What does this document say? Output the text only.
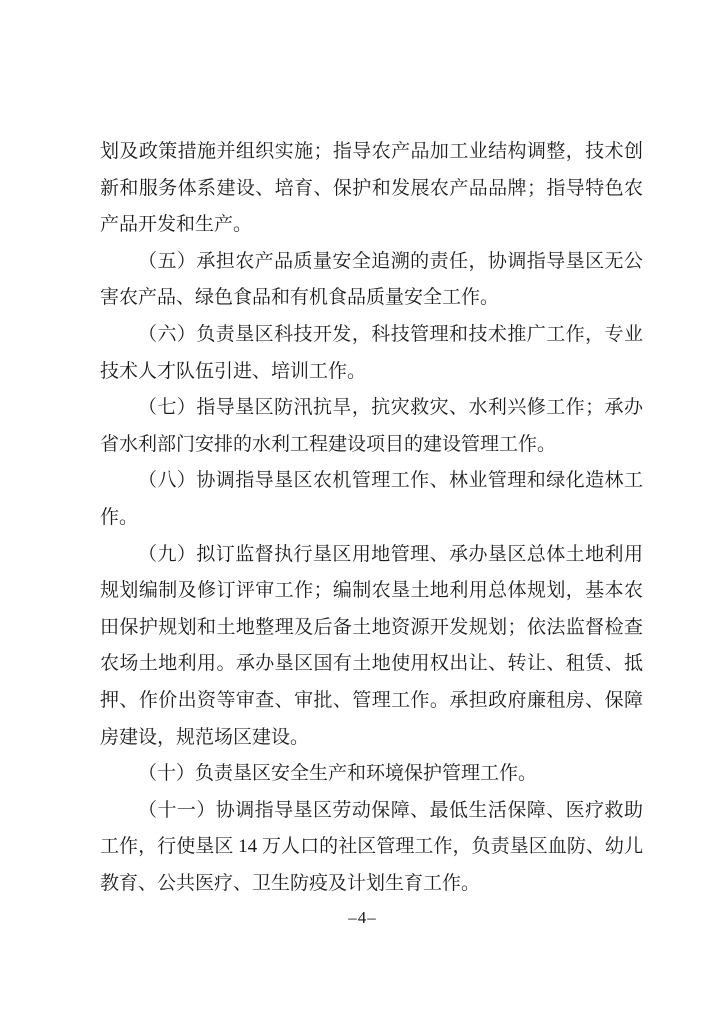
划及政策措施并组织实施；指导农产品加工业结构调整，技术创
新和服务体系建设、培育、保护和发展农产品品牌；指导特色农
产品开发和生产。
（五）承担农产品质量安全追溯的责任，协调指导垦区无公
害农产品、绿色食品和有机食品质量安全工作。
（六）负责垦区科技开发，科技管理和技术推广工作，专业
技术人才队伍引进、培训工作。
（七）指导垦区防汛抗旱，抗灾救灾、水利兴修工作；承办
省水利部门安排的水利工程建设项目的建设管理工作。
（八）协调指导垦区农机管理工作、林业管理和绿化造林工
作。
（九）拟订监督执行垦区用地管理、承办垦区总体土地利用
规划编制及修订评审工作；编制农垦土地利用总体规划，基本农
田保护规划和土地整理及后备土地资源开发规划；依法监督检查
农场土地利用。承办垦区国有土地使用权出让、转让、租赁、抵
押、作价出资等审查、审批、管理工作。承担政府廉租房、保障
房建设，规范场区建设。
（十）负责垦区安全生产和环境保护管理工作。
（十一）协调指导垦区劳动保障、最低生活保障、医疗救助
工作，行使垦区 14 万人口的社区管理工作，负责垦区血防、幼儿
教育、公共医疗、卫生防疫及计划生育工作。
–4–
